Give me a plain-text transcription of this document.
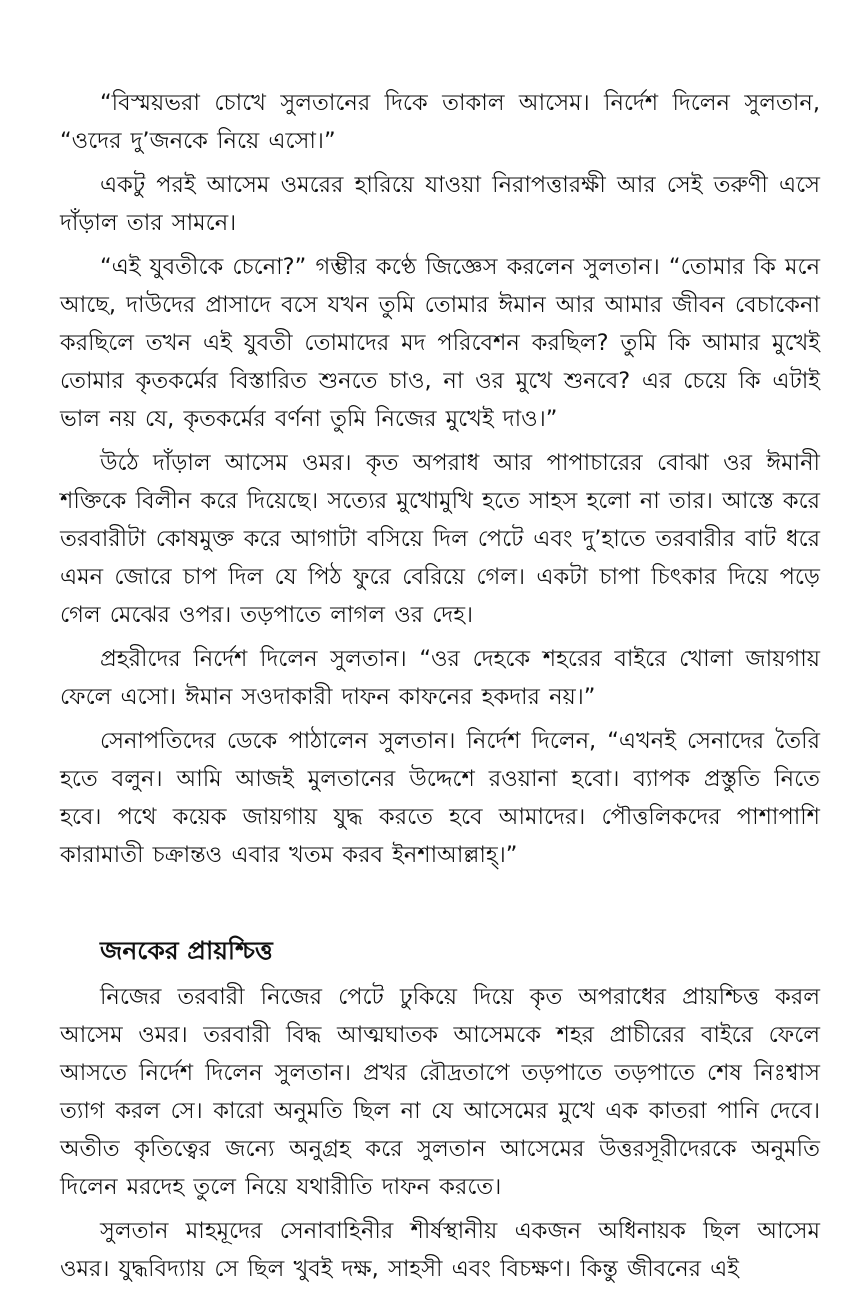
“বিস্ময়ভরা চোখে সুলতানের দিকে তাকাল আসেম। নির্দেশ দিলেন সুলতান, “ওদের দু’জনকে নিয়ে এসো।”

একটু পরই আসেম ওমরের হারিয়ে যাওয়া নিরাপত্তারক্ষী আর সেই তরুণী এসে দাঁড়াল তার সামনে।

“এই যুবতীকে চেনো?” গম্ভীর কণ্ঠে জিজ্ঞেস করলেন সুলতান। “তোমার কি মনে আছে, দাউদের প্রাসাদে বসে যখন তুমি তোমার ঈমান আর আমার জীবন বেচাকেনা করছিলে তখন এই যুবতী তোমাদের মদ পরিবেশন করছিল? তুমি কি আমার মুখেই তোমার কৃতকর্মের বিস্তারিত শুনতে চাও, না ওর মুখে শুনবে? এর চেয়ে কি এটাই ভাল নয় যে, কৃতকর্মের বর্ণনা তুমি নিজের মুখেই দাও।”

উঠে দাঁড়াল আসেম ওমর। কৃত অপরাধ আর পাপাচারের বোঝা ওর ঈমানী শক্তিকে বিলীন করে দিয়েছে। সত্যের মুখোমুখি হতে সাহস হলো না তার। আস্তে করে তরবারীটা কোষমুক্ত করে আগাটা বসিয়ে দিল পেটে এবং দু’হাতে তরবারীর বাট ধরে এমন জোরে চাপ দিল যে পিঠ ফুরে বেরিয়ে গেল। একটা চাপা চিৎকার দিয়ে পড়ে গেল মেঝের ওপর। তড়পাতে লাগল ওর দেহ।

প্রহরীদের নির্দেশ দিলেন সুলতান। “ওর দেহকে শহরের বাইরে খোলা জায়গায় ফেলে এসো। ঈমান সওদাকারী দাফন কাফনের হকদার নয়।”

সেনাপতিদের ডেকে পাঠালেন সুলতান। নির্দেশ দিলেন, “এখনই সেনাদের তৈরি হতে বলুন। আমি আজই মুলতানের উদ্দেশে রওয়ানা হবো। ব্যাপক প্রস্তুতি নিতে হবে। পথে কয়েক জায়গায় যুদ্ধ করতে হবে আমাদের। পৌত্তলিকদের পাশাপাশি কারামাতী চক্রান্তও এবার খতম করব ইনশাআল্লাহ্।”

জনকের প্রায়শ্চিত্ত

নিজের তরবারী নিজের পেটে ঢুকিয়ে দিয়ে কৃত অপরাধের প্রায়শ্চিত্ত করল আসেম ওমর। তরবারী বিদ্ধ আত্মঘাতক আসেমকে শহর প্রাচীরের বাইরে ফেলে আসতে নির্দেশ দিলেন সুলতান। প্রখর রৌদ্রতাপে তড়পাতে তড়পাতে শেষ নিঃশ্বাস ত্যাগ করল সে। কারো অনুমতি ছিল না যে আসেমের মুখে এক কাতরা পানি দেবে। অতীত কৃতিত্বের জন্যে অনুগ্রহ করে সুলতান আসেমের উত্তরসূরীদেরকে অনুমতি দিলেন মরদেহ তুলে নিয়ে যথারীতি দাফন করতে।

সুলতান মাহমূদের সেনাবাহিনীর শীর্ষস্থানীয় একজন অধিনায়ক ছিল আসেম ওমর। যুদ্ধবিদ্যায় সে ছিল খুবই দক্ষ, সাহসী এবং বিচক্ষণ। কিন্তু জীবনের এই
